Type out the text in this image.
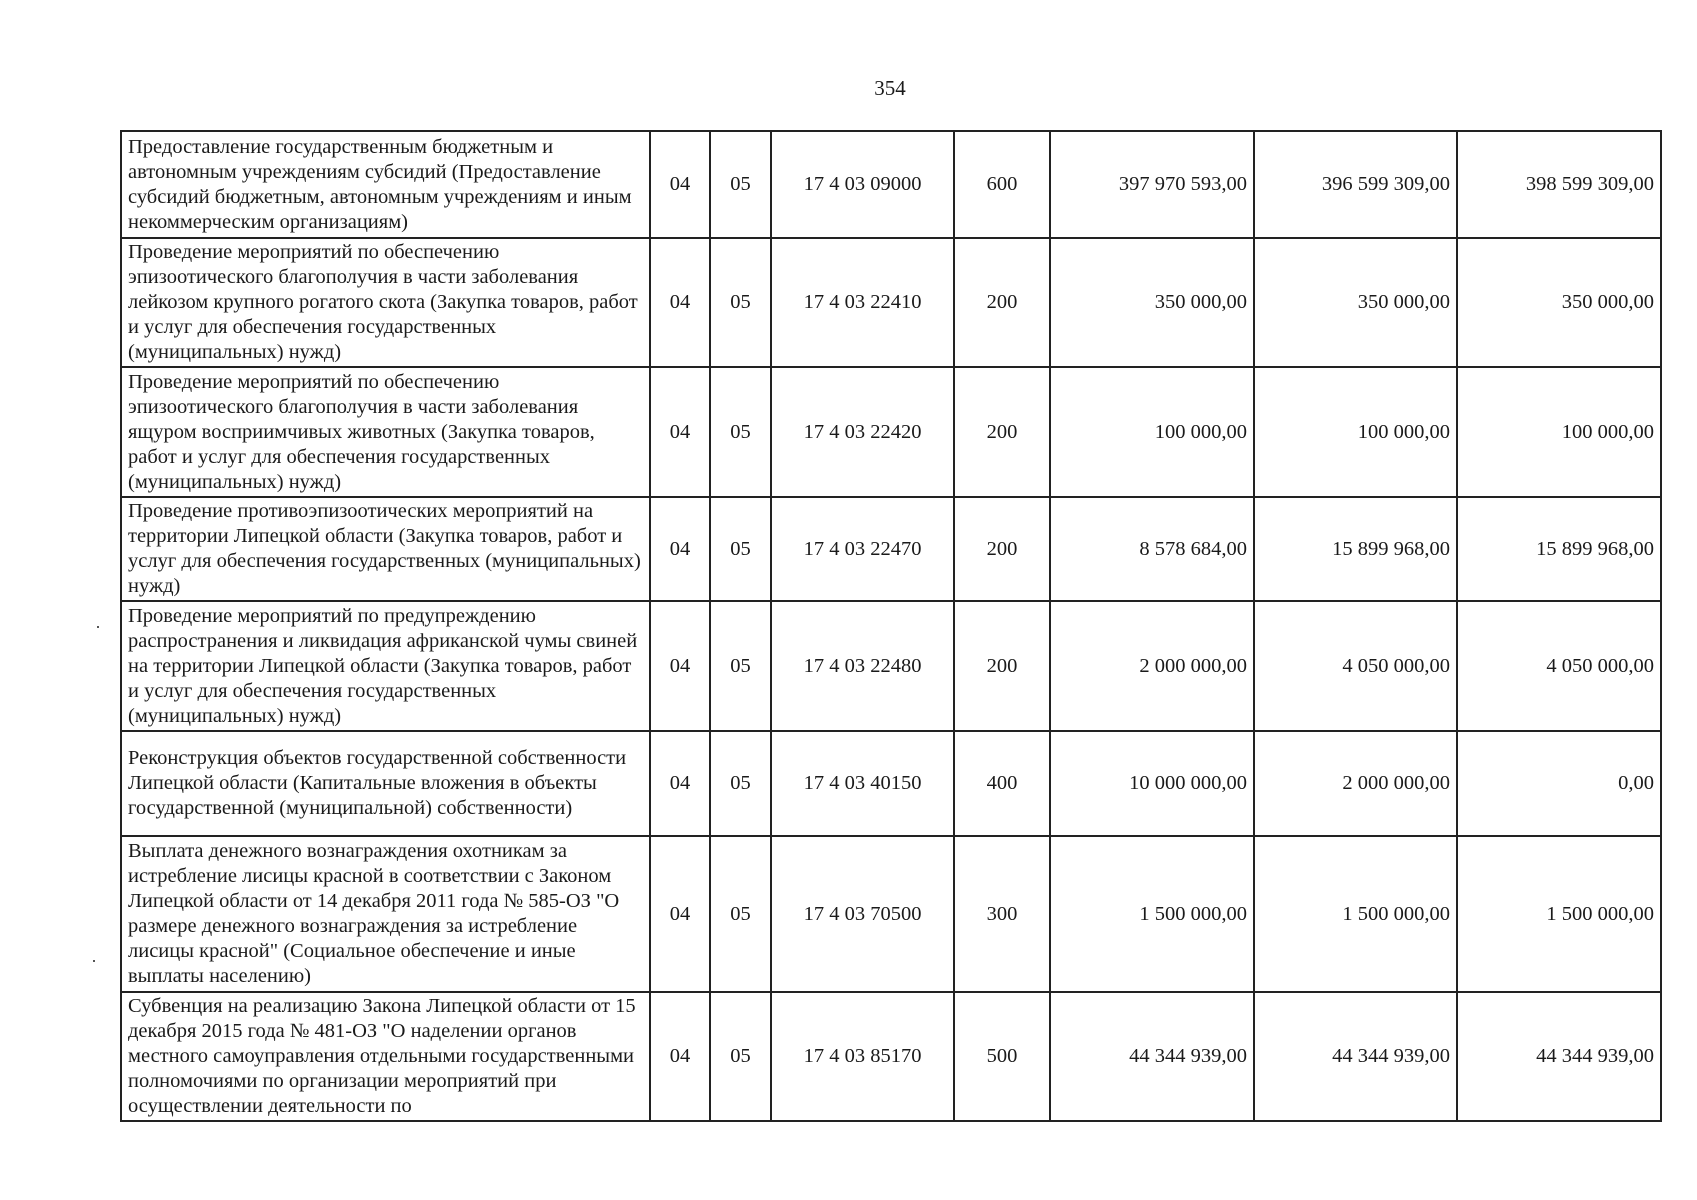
354
Предоставление государственным бюджетным и автономным учреждениям субсидий (Предоставление субсидий бюджетным, автономным учреждениям и иным некоммерческим организациям)	04	05	17 4 03 09000	600	397 970 593,00	396 599 309,00	398 599 309,00
Проведение мероприятий по обеспечению эпизоотического благополучия в части заболевания лейкозом крупного рогатого скота (Закупка товаров, работ и услуг для обеспечения государственных (муниципальных) нужд)	04	05	17 4 03 22410	200	350 000,00	350 000,00	350 000,00
Проведение мероприятий по обеспечению эпизоотического благополучия в части заболевания ящуром восприимчивых животных (Закупка товаров, работ и услуг для обеспечения государственных (муниципальных) нужд)	04	05	17 4 03 22420	200	100 000,00	100 000,00	100 000,00
Проведение противоэпизоотических мероприятий на территории Липецкой области (Закупка товаров, работ и услуг для обеспечения государственных (муниципальных) нужд)	04	05	17 4 03 22470	200	8 578 684,00	15 899 968,00	15 899 968,00
Проведение мероприятий по предупреждению распространения и ликвидация африканской чумы свиней на территории Липецкой области (Закупка товаров, работ и услуг для обеспечения государственных (муниципальных) нужд)	04	05	17 4 03 22480	200	2 000 000,00	4 050 000,00	4 050 000,00
Реконструкция объектов государственной собственности Липецкой области (Капитальные вложения в объекты государственной (муниципальной) собственности)	04	05	17 4 03 40150	400	10 000 000,00	2 000 000,00	0,00
Выплата денежного вознаграждения охотникам за истребление лисицы красной в соответствии с Законом Липецкой области от 14 декабря 2011 года № 585-ОЗ "О размере денежного вознаграждения за истребление лисицы красной" (Социальное обеспечение и иные выплаты населению)	04	05	17 4 03 70500	300	1 500 000,00	1 500 000,00	1 500 000,00
Субвенция на реализацию Закона Липецкой области от 15 декабря 2015 года № 481-ОЗ "О наделении органов местного самоуправления отдельными государственными полномочиями по организации мероприятий при осуществлении деятельности по	04	05	17 4 03 85170	500	44 344 939,00	44 344 939,00	44 344 939,00
